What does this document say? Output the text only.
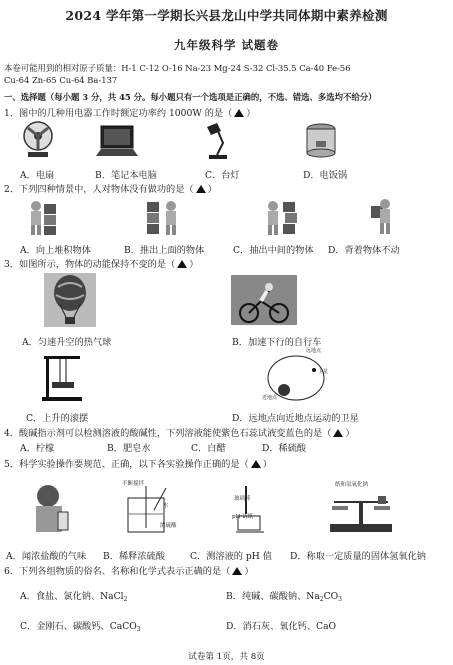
2024 学年第一学期长兴县龙山中学共同体期中素养检测
九年级科学 试题卷
本卷可能用到的相对原子质量：H-1 C-12 O-16 Na-23 Mg-24 S-32 Cl-35.5 Ca-40 Fe-56
Cu-64 Zn-65 Cu-64 Ba-137
一、选择题（每小题 3 分，共 45 分。每小题只有一个选项是正确的，不选、错选、多选均不给分）
1．图中的几种用电器工作时额定功率约 1000W 的是（ ）
A．电扇	B．笔记本电脑	C．台灯	D．电饭锅
2．下列四种情景中，人对物体没有做功的是（ ）
A．向上堆积物体	B．推出上面的物体	C．抽出中间的物体 D．背着物体不动
3．如图所示，物体的动能保持不变的是（ ）
A．匀速升空的热气球	B．加速下行的自行车
远地点
卫星
近地点
C．上升的滚摆	D．远地点向近地点运动的卫星
4．酸碱指示剂可以检测溶液的酸碱性，下列溶液能使紫色石蕊试液变蓝色的是（ ）
A．柠檬	B．肥皂水	C．白醋	D．稀硫酸
5．科学实验操作要规范、正确，以下各实验操作正确的是（ ）
不断搅拌
水
浓硫酸
玻璃棒
pH 试纸
纸和氢氧化钠
A．闻浓盐酸的气味 B．稀释浓硫酸	C．测溶液的 pH 值 D．称取一定质量的固体氢氧化钠
6．下列各组物质的俗名、名称和化学式表示正确的是（ ）
A．食盐、氯化钠、NaCl$_2$	B．纯碱、碳酸钠、$Na_2CO_3$
C．金刚石、碳酸钙、CaCO$_3$	D．消石灰、氧化钙、CaO
试卷第 1页，共 8页
